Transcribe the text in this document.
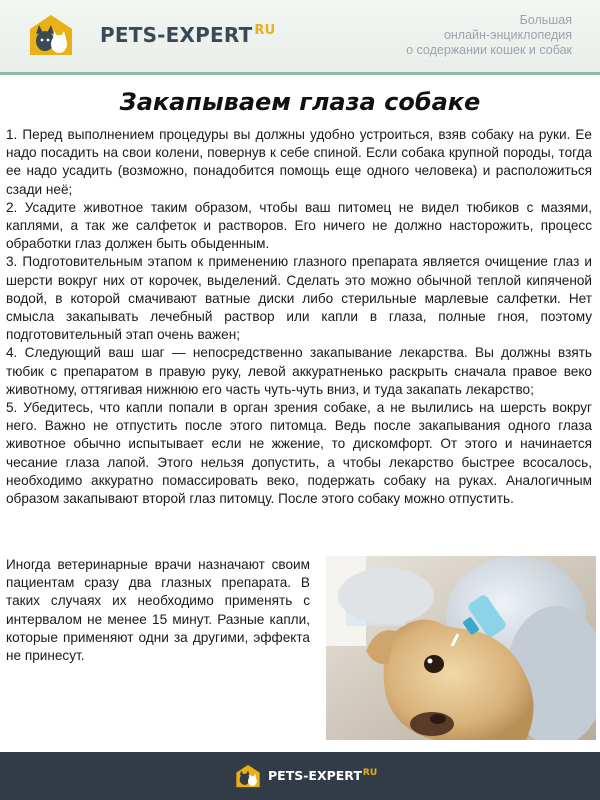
PETS-EXPERT $^{RU}$
Большая
онлайн-энциклопедия
о содержании кошек и собак
Закапываем глаза собаке

1. Перед выполнением процедуры вы должны удобно устроиться, взяв собаку на руки. Ее надо посадить на свои колени, повернув к себе спиной. Если собака крупной породы, тогда ее надо усадить (возможно, понадобится помощь еще одного человека) и расположиться сзади неё;

2. Усадите животное таким образом, чтобы ваш питомец не видел тюбиков с мазями, каплями, а так же салфеток и растворов. Его ничего не должно насторожить, процесс обработки глаз должен быть обыденным.

3. Подготовительным этапом к применению глазного препарата является очищение глаз и шерсти вокруг них от корочек, выделений. Сделать это можно обычной теплой кипяченой водой, в которой смачивают ватные диски либо стерильные марлевые салфетки. Нет смысла закапывать лечебный раствор или капли в глаза, полные гноя, поэтому подготовительный этап очень важен;

4. Следующий ваш шаг — непосредственно закапывание лекарства. Вы должны взять тюбик с препаратом в правую руку, левой аккуратненько раскрыть сначала правое веко животному, оттягивая нижнюю его часть чуть-чуть вниз, и туда закапать лекарство;

5. Убедитесь, что капли попали в орган зрения собаке, а не вылились на шерсть вокруг него. Важно не отпустить после этого питомца. Ведь после закапывания одного глаза животное обычно испытывает если не жжение, то дискомфорт. От этого и начинается чесание глаза лапой. Этого нельзя допустить, а чтобы лекарство быстрее всосалось, необходимо аккуратно помассировать веко, подержать собаку на руках. Аналогичным образом закапывают второй глаз питомцу. После этого собаку можно отпустить.

Иногда ветеринарные врачи назначают своим пациентам сразу два глазных препарата. В таких случаях их необходимо применять с интервалом не менее 15 минут. Разные капли, которые применяют одни за другими, эффекта не принесут.

PETS-$EXPERT^{RU}$
